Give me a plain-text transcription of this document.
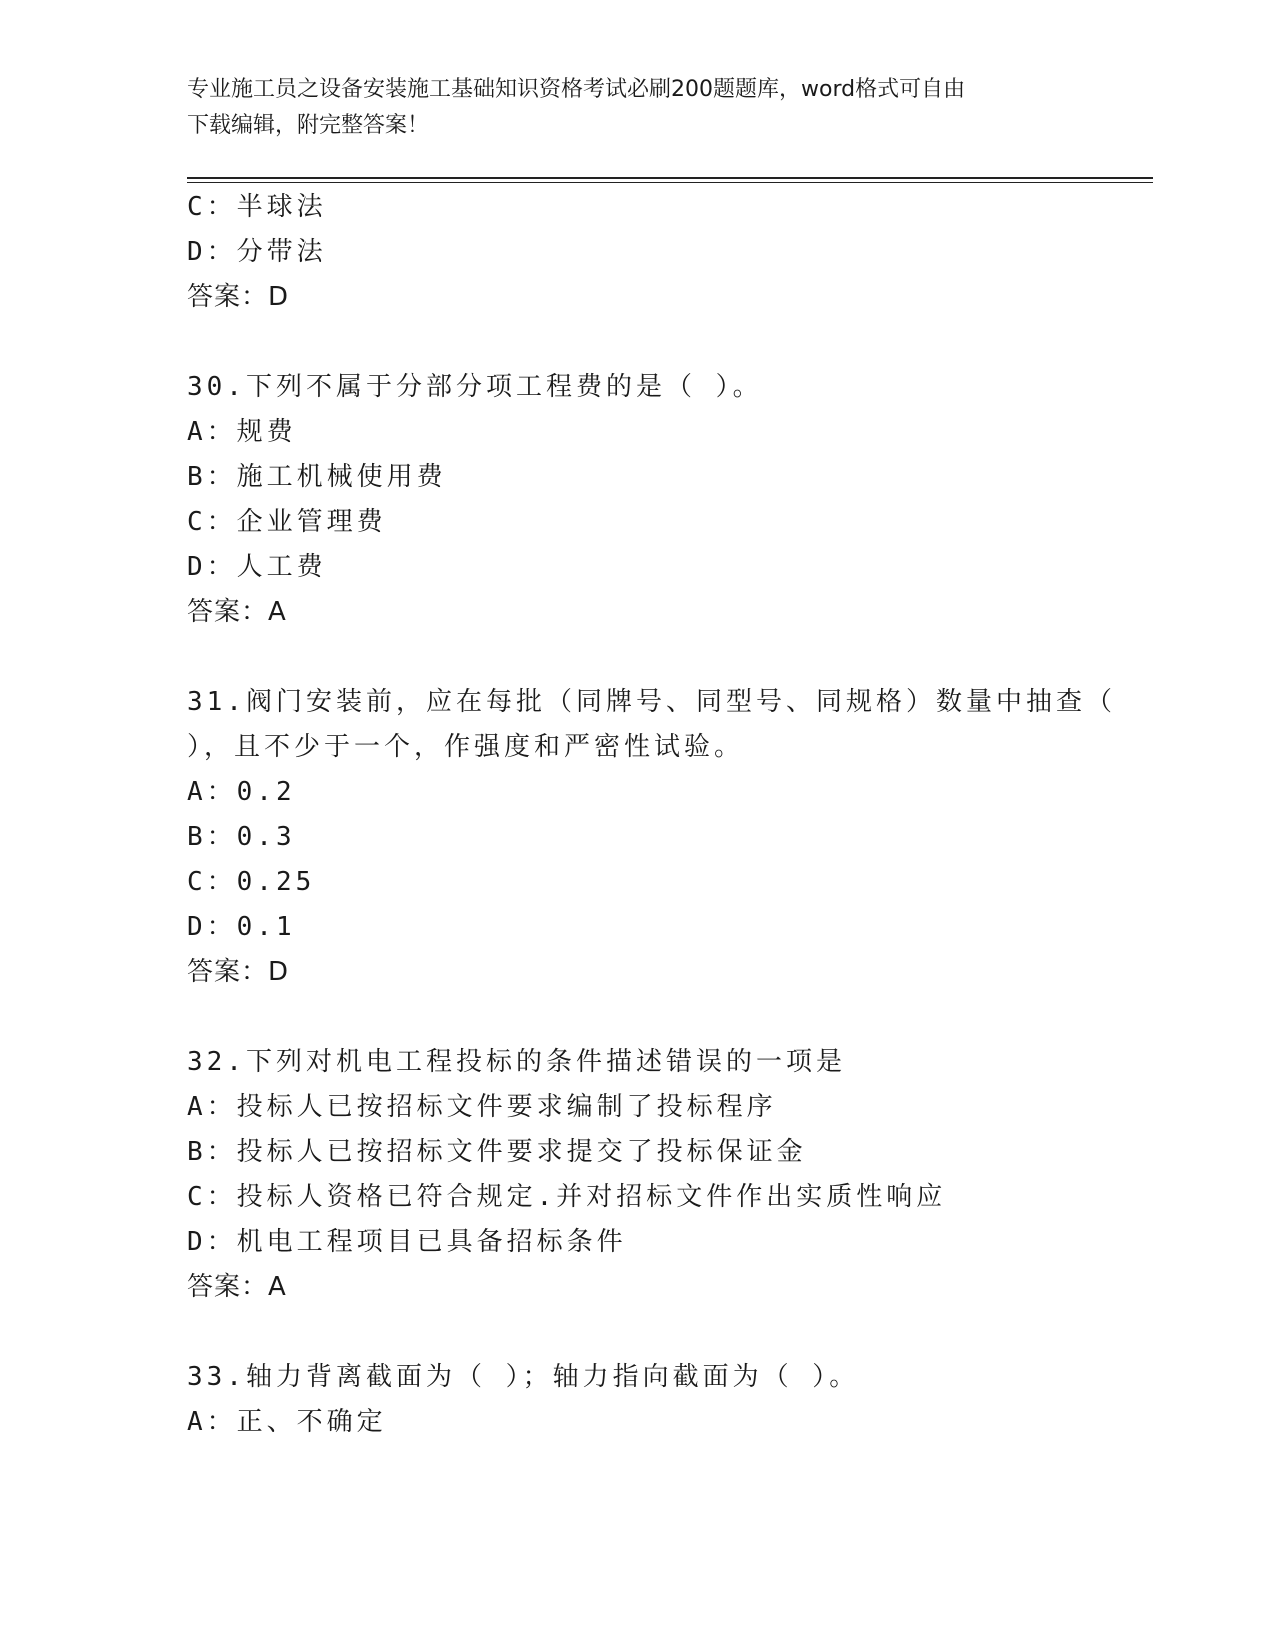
专业施工员之设备安装施工基础知识资格考试必刷200题题库，word格式可自由
下载编辑，附完整答案！
C：半球法
D：分带法
答案：D
30.下列不属于分部分项工程费的是（ ）。
A：规费
B：施工机械使用费
C：企业管理费
D：人工费
答案：A
31.阀门安装前，应在每批（同牌号、同型号、同规格）数量中抽查（
），且不少于一个，作强度和严密性试验。
A：0.2
B：0.3
C：0.25
D：0.1
答案：D
32.下列对机电工程投标的条件描述错误的一项是
A：投标人已按招标文件要求编制了投标程序
B：投标人已按招标文件要求提交了投标保证金
C：投标人资格已符合规定.并对招标文件作出实质性响应
D：机电工程项目已具备招标条件
答案：A
33.轴力背离截面为（ ）；轴力指向截面为（ ）。
A：正、不确定
